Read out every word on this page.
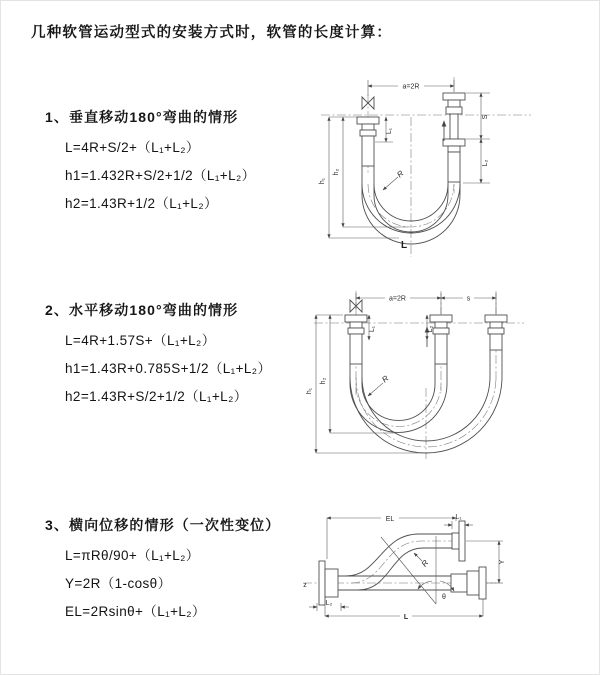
几种软管运动型式的安装方式时，软管的长度计算：
1、垂直移动180°弯曲的情形
L=4R+S/2+（L₁+L₂）
h1=1.432R+S/2+1/2（L₁+L₂）
h2=1.43R+1/2（L₁+L₂）
2、水平移动180°弯曲的情形
L=4R+1.57S+（L₁+L₂）
h1=1.43R+0.785S+1/2（L₁+L₂）
h2=1.43R+S/2+1/2（L₁+L₂）
3、横向位移的情形（一次性变位）
L=πRθ/90+（L₁+L₂）
Y=2R（1-cosθ）
EL=2Rsinθ+（L₁+L₂）
a=2R
h₁
h₂
L₁
S
L₂
R
L
a=2R	s
h₁
h₂
L₁	L₂
R
EL	L₁
Y
L
L₂
R
θ
z
